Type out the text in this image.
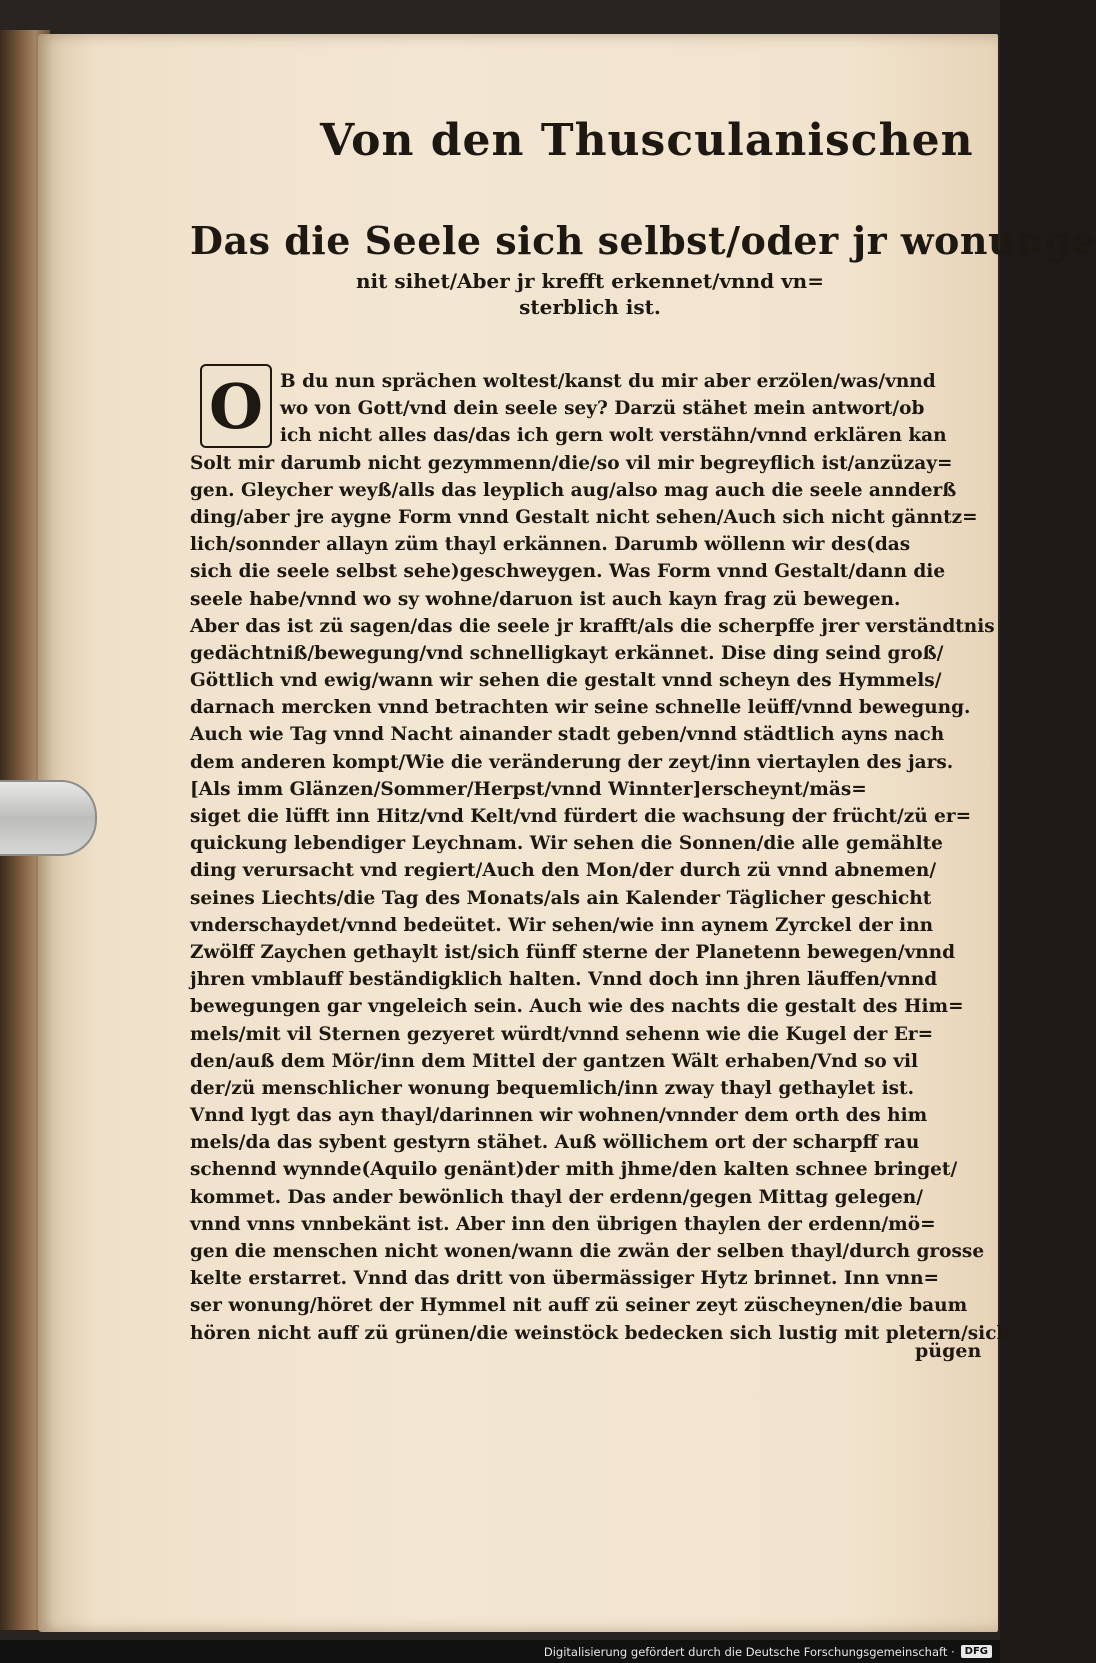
Von den Thusculanischen
Das die Seele sich selbst/oder jr wonunge
nit sihet/Aber jr krefft erkennet/vnnd vn=
sterblich ist.
O B du nun sprächen woltest/kanst du mir aber erzölen/was/vnnd
wo von Gott/vnd dein seele sey? Darzü stähet mein antwort/ob
ich nicht alles das/das ich gern wolt verstähn/vnnd erklären kan
Solt mir darumb nicht gezymmenn/die/so vil mir begreyflich ist/anzüzay=
gen. Gleycher weyß/alls das leyplich aug/also mag auch die seele annderß
ding/aber jre aygne Form vnnd Gestalt nicht sehen/Auch sich nicht gänntz=
lich/sonnder allayn züm thayl erkännen. Darumb wöllenn wir des(das
sich die seele selbst sehe)geschweygen. Was Form vnnd Gestalt/dann die
seele habe/vnnd wo sy wohne/daruon ist auch kayn frag zü bewegen.
Aber das ist zü sagen/das die seele jr krafft/als die scherpffe jrer verständtnis
gedächtniß/bewegung/vnd schnelligkayt erkännet. Dise ding seind groß/
Göttlich vnd ewig/wann wir sehen die gestalt vnnd scheyn des Hymmels/
darnach mercken vnnd betrachten wir seine schnelle leüff/vnnd bewegung.
Auch wie Tag vnnd Nacht ainander stadt geben/vnnd städtlich ayns nach
dem anderen kompt/Wie die veränderung der zeyt/inn viertaylen des jars.
[Als imm Glänzen/Sommer/Herpst/vnnd Winnter]erscheynt/mäs=
siget die lüfft inn Hitz/vnd Kelt/vnd fürdert die wachsung der frücht/zü er=
quickung lebendiger Leychnam. Wir sehen die Sonnen/die alle gemählte
ding verursacht vnd regiert/Auch den Mon/der durch zü vnnd abnemen/
seines Liechts/die Tag des Monats/als ain Kalender Täglicher geschicht
vnderschaydet/vnnd bedeütet. Wir sehen/wie inn aynem Zyrckel der inn
Zwölff Zaychen gethaylt ist/sich fünff sterne der Planetenn bewegen/vnnd
jhren vmblauff beständigklich halten. Vnnd doch inn jhren läuffen/vnnd
bewegungen gar vngeleich sein. Auch wie des nachts die gestalt des Him=
mels/mit vil Sternen gezyeret würdt/vnnd sehenn wie die Kugel der Er=
den/auß dem Mör/inn dem Mittel der gantzen Wält erhaben/Vnd so vil
der/zü menschlicher wonung bequemlich/inn zway thayl gethaylet ist.
Vnnd lygt das ayn thayl/darinnen wir wohnen/vnnder dem orth des him
mels/da das sybent gestyrn stähet. Auß wöllichem ort der scharpff rau
schennd wynnde(Aquilo genänt)der mith jhme/den kalten schnee bringet/
kommet. Das ander bewönlich thayl der erdenn/gegen Mittag gelegen/
vnnd vnns vnnbekänt ist. Aber inn den übrigen thaylen der erdenn/mö=
gen die menschen nicht wonen/wann die zwän der selben thayl/durch grosse
kelte erstarret. Vnnd das dritt von übermässiger Hytz brinnet. Inn vnn=
ser wonung/höret der Hymmel nit auff zü seiner zeyt züscheynen/die baum
hören nicht auff zü grünen/die weinstöck bedecken sich lustig mit pletern/sich
pügen
Digitalisierung gefördert durch die Deutsche Forschungsgemeinschaft ·	DFG
